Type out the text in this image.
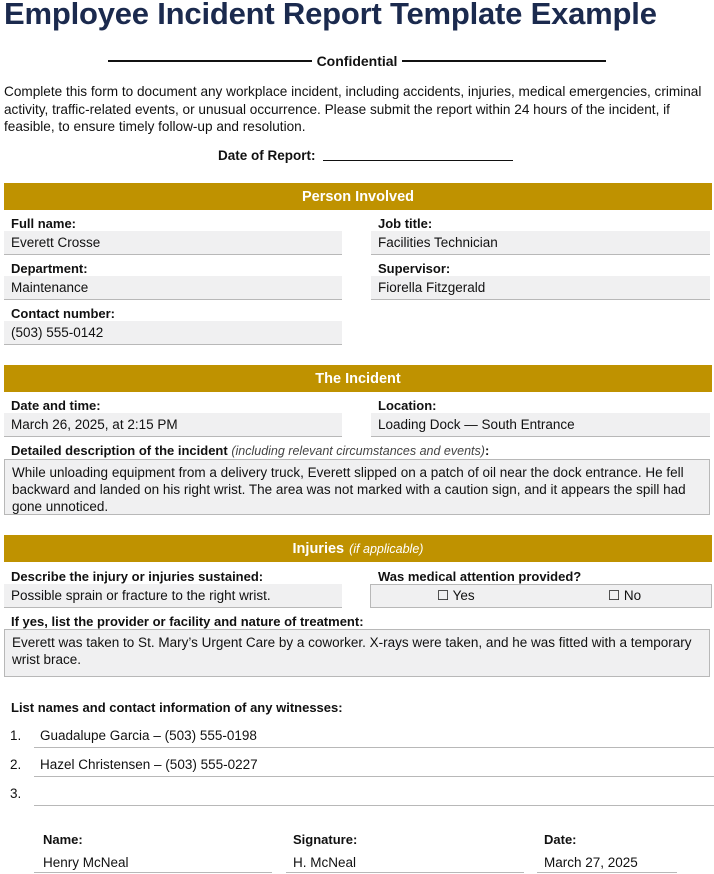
Employee Incident Report Template Example
Confidential

Complete this form to document any workplace incident, including accidents, injuries, medical emergencies, criminal activity, traffic-related events, or unusual occurrence. Please submit the report within 24 hours of the incident, if feasible, to ensure timely follow-up and resolution.

Date of Report:
Person Involved
Full name:
Everett Crosse
Job title:
Facilities Technician
Department:
Maintenance
Supervisor:
Fiorella Fitzgerald
Contact number:
(503) 555-0142
The Incident
Date and time:
March 26, 2025, at 2:15 PM
Location:
Loading Dock — South Entrance
Detailed description of the incident (including relevant circumstances and events):
While unloading equipment from a delivery truck, Everett slipped on a patch of oil near the dock entrance. He fell backward and landed on his right wrist. The area was not marked with a caution sign, and it appears the spill had gone unnoticed.
Injuries (if applicable)
Describe the injury or injuries sustained:
Possible sprain or fracture to the right wrist.
Was medical attention provided?
☐ Yes	☐ No
If yes, list the provider or facility and nature of treatment:
Everett was taken to St. Mary’s Urgent Care by a coworker. X-rays were taken, and he was fitted with a temporary wrist brace.
List names and contact information of any witnesses:
1. Guadalupe Garcia – (503) 555-0198
2. Hazel Christensen – (503) 555-0227
3.
Name:
Henry McNeal
Signature:
H. McNeal
Date:
March 27, 2025
